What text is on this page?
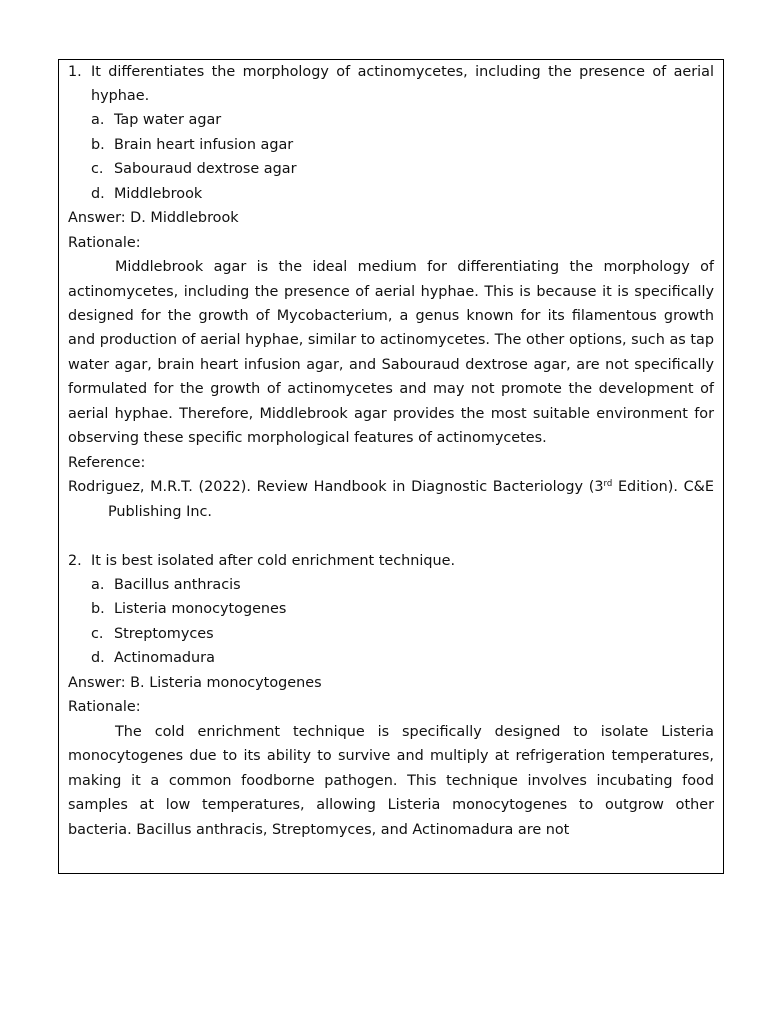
1. It differentiates the morphology of actinomycetes, including the presence of aerial hyphae.
a. Tap water agar
b. Brain heart infusion agar
c. Sabouraud dextrose agar
d. Middlebrook
Answer: D. Middlebrook
Rationale:
Middlebrook agar is the ideal medium for differentiating the morphology of actinomycetes, including the presence of aerial hyphae. This is because it is specifically designed for the growth of Mycobacterium, a genus known for its filamentous growth and production of aerial hyphae, similar to actinomycetes. The other options, such as tap water agar, brain heart infusion agar, and Sabouraud dextrose agar, are not specifically formulated for the growth of actinomycetes and may not promote the development of aerial hyphae. Therefore, Middlebrook agar provides the most suitable environment for observing these specific morphological features of actinomycetes.
Reference:
Rodriguez, M.R.T. (2022). Review Handbook in Diagnostic Bacteriology (3rd Edition). C&EPublishing Inc.
2. It is best isolated after cold enrichment technique.
a. Bacillus anthracis
b. Listeria monocytogenes
c. Streptomyces
d. Actinomadura
Answer: B. Listeria monocytogenes
Rationale:
The cold enrichment technique is specifically designed to isolate Listeria monocytogenes due to its ability to survive and multiply at refrigeration temperatures, making it a common foodborne pathogen. This technique involves incubating food samples at low temperatures, allowing Listeria monocytogenes to outgrow other bacteria. Bacillus anthracis, Streptomyces, and Actinomadura are not
